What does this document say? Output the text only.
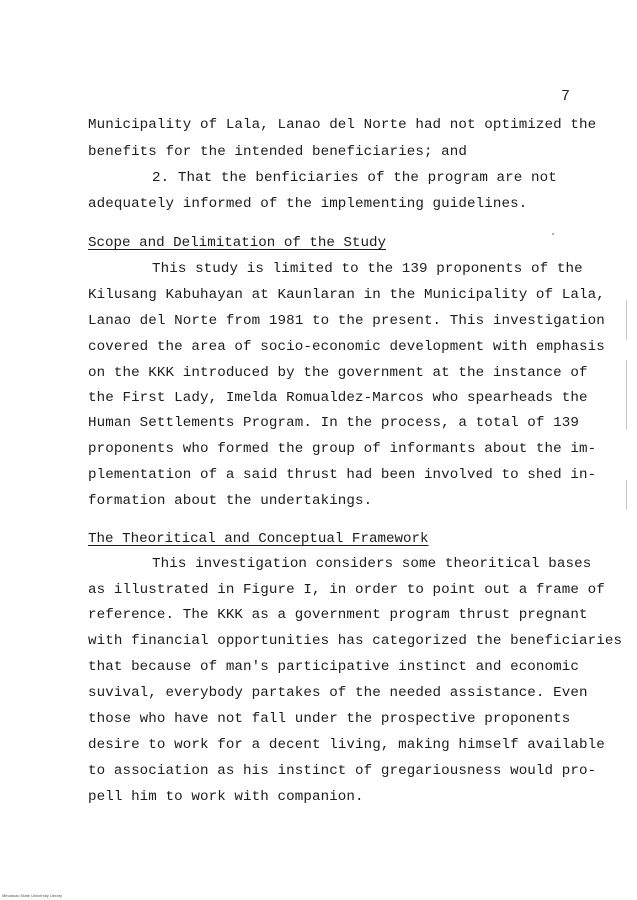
7
Municipality of Lala, Lanao del Norte had not optimized the
benefits for the intended beneficiaries; and
2. That the benficiaries of the program are not
adequately informed of the implementing guidelines.
Scope and Delimitation of the Study
This study is limited to the 139 proponents of the
Kilusang Kabuhayan at Kaunlaran in the Municipality of Lala,
Lanao del Norte from 1981 to the present. This investigation
covered the area of socio-economic development with emphasis
on the KKK introduced by the government at the instance of
the First Lady, Imelda Romualdez-Marcos who spearheads the
Human Settlements Program. In the process, a total of 139
proponents who formed the group of informants about the im-
plementation of a said thrust had been involved to shed in-
formation about the undertakings.
The Theoritical and Conceptual Framework
This investigation considers some theoritical bases
as illustrated in Figure I, in order to point out a frame of
reference. The KKK as a government program thrust pregnant
with financial opportunities has categorized the beneficiaries
that because of man's participative instinct and economic
suvival, everybody partakes of the needed assistance. Even
those who have not fall under the prospective proponents
desire to work for a decent living, making himself available
to association as his instinct of gregariousness would pro-
pell him to work with companion.
Mindanao State University Library
